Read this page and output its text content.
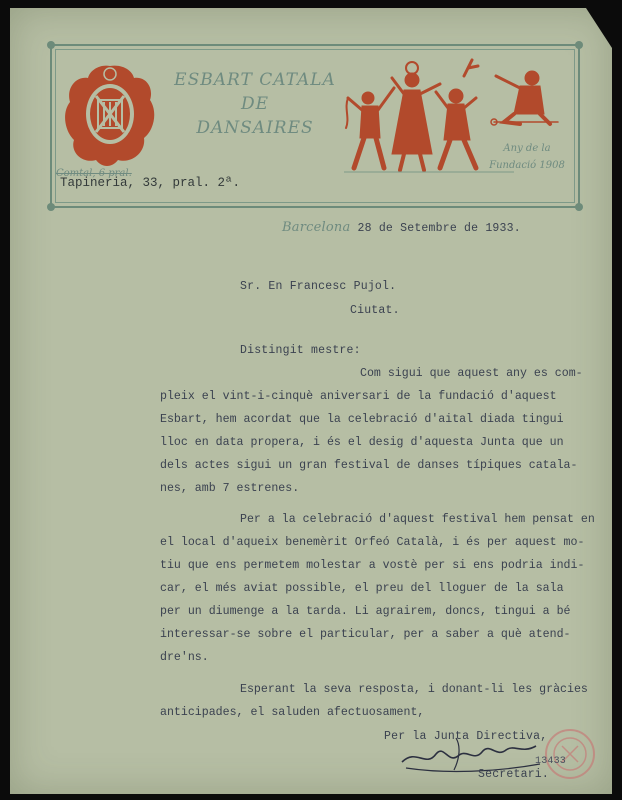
ESBART CATALA
DE
DANSAIRES
Any de la
Fundació 1908
Comtal, 6 pral.
Tapineria, 33, pral. 2ª.
Barcelona 28 de Setembre de 1933.
Sr. En Francesc Pujol.
Ciutat.
Distingit mestre:
Com sigui que aquest any es com-
pleix el vint-i-cinquè aniversari de la fundació d'aquest
Esbart, hem acordat que la celebració d'aital diada tingui
lloc en data propera, i és el desig d'aquesta Junta que un
dels actes sigui un gran festival de danses típiques catala-
nes, amb 7 estrenes.
Per a la celebració d'aquest festival hem pensat en
el local d'aqueix benemèrit Orfeó Català, i és per aquest mo-
tiu que ens permetem molestar a vostè per si ens podria indi-
car, el més aviat possible, el preu del lloguer de la sala
per un diumenge a la tarda. Li agrairem, doncs, tingui a bé
interessar-se sobre el particular, per a saber a què atend-
dre'ns.
Esperant la seva resposta, i donant-li les gràcies
anticipades, el saluden afectuosament,
Per la Junta Directiva,
13433
Secretari.
